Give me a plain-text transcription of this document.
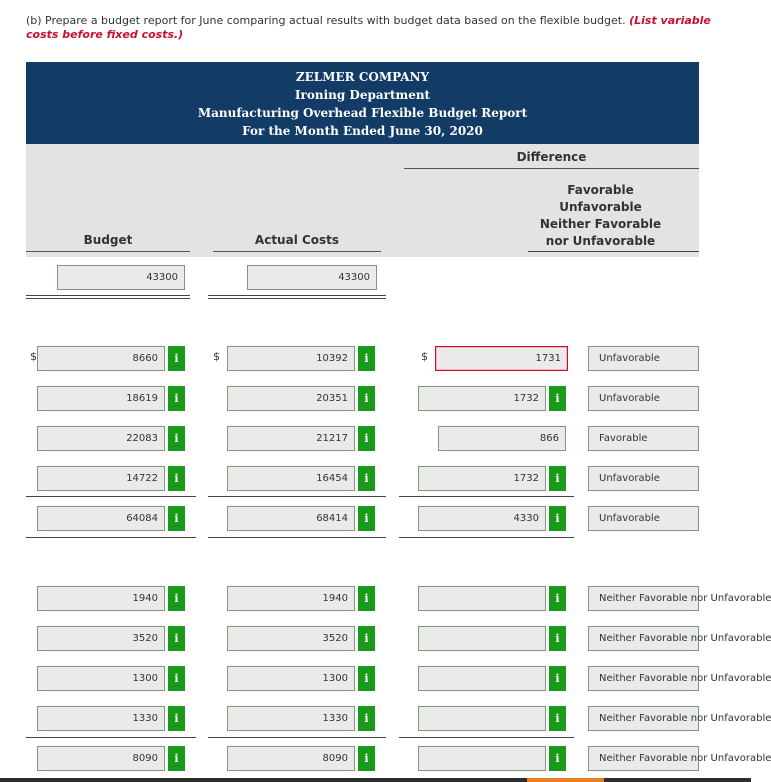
(b) Prepare a budget report for June comparing actual results with budget data based on the flexible budget. (List variable costs before fixed costs.)
ZELMER COMPANY
Ironing Department
Manufacturing Overhead Flexible Budget Report
For the Month Ended June 30, 2020
Budget	Actual Costs
Difference
Favorable
Unfavorable
Neither Favorable
nor Unfavorable
43300	43300
$	$	$
8660	i	10392	i	1731	Unfavorable
18619	i	20351	i	1732	i	Unfavorable
22083	i	21217	i	866	Favorable
14722	i	16454	i	1732	i	Unfavorable
64084	i	68414	i	4330	i	Unfavorable
1940	i	1940	i	i	Neither Favorable nor Unfavorable
3520	i	3520	i	i	Neither Favorable nor Unfavorable
1300	i	1300	i	i	Neither Favorable nor Unfavorable
1330	i	1330	i	i	Neither Favorable nor Unfavorable
8090	i	8090	i	i	Neither Favorable nor Unfavorable
